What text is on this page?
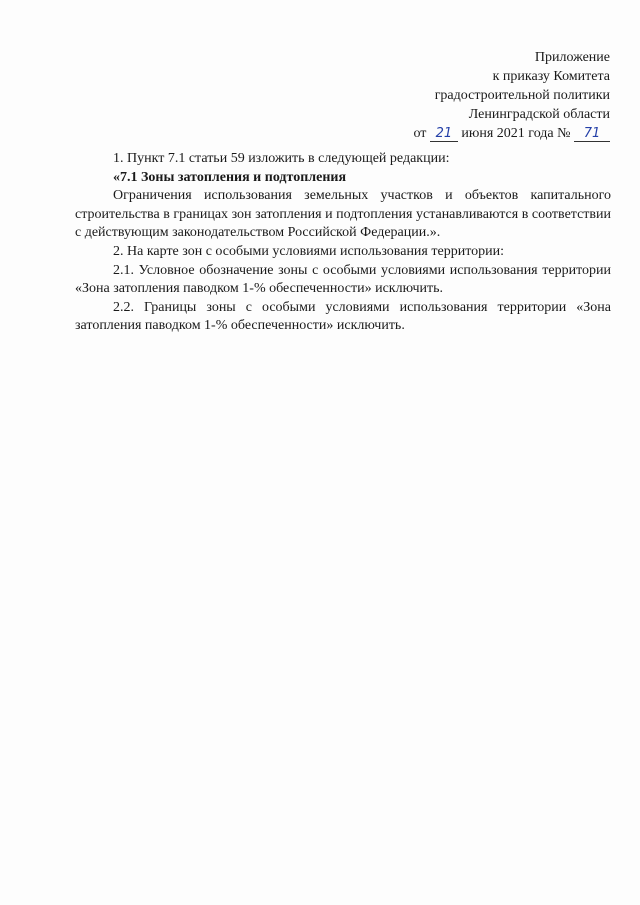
Приложение
к приказу Комитета
градостроительной политики
Ленинградской области
от 21 июня 2021 года № 71

1. Пункт 7.1 статьи 59 изложить в следующей редакции:

«7.1 Зоны затопления и подтопления

Ограничения использования земельных участков и объектов капитального строительства в границах зон затопления и подтопления устанавливаются в соответствии с действующим законодательством Российской Федерации.».

2. На карте зон с особыми условиями использования территории:

2.1. Условное обозначение зоны с особыми условиями использования территории «Зона затопления паводком 1-% обеспеченности» исключить.

2.2. Границы зоны с особыми условиями использования территории «Зона затопления паводком 1-% обеспеченности» исключить.
